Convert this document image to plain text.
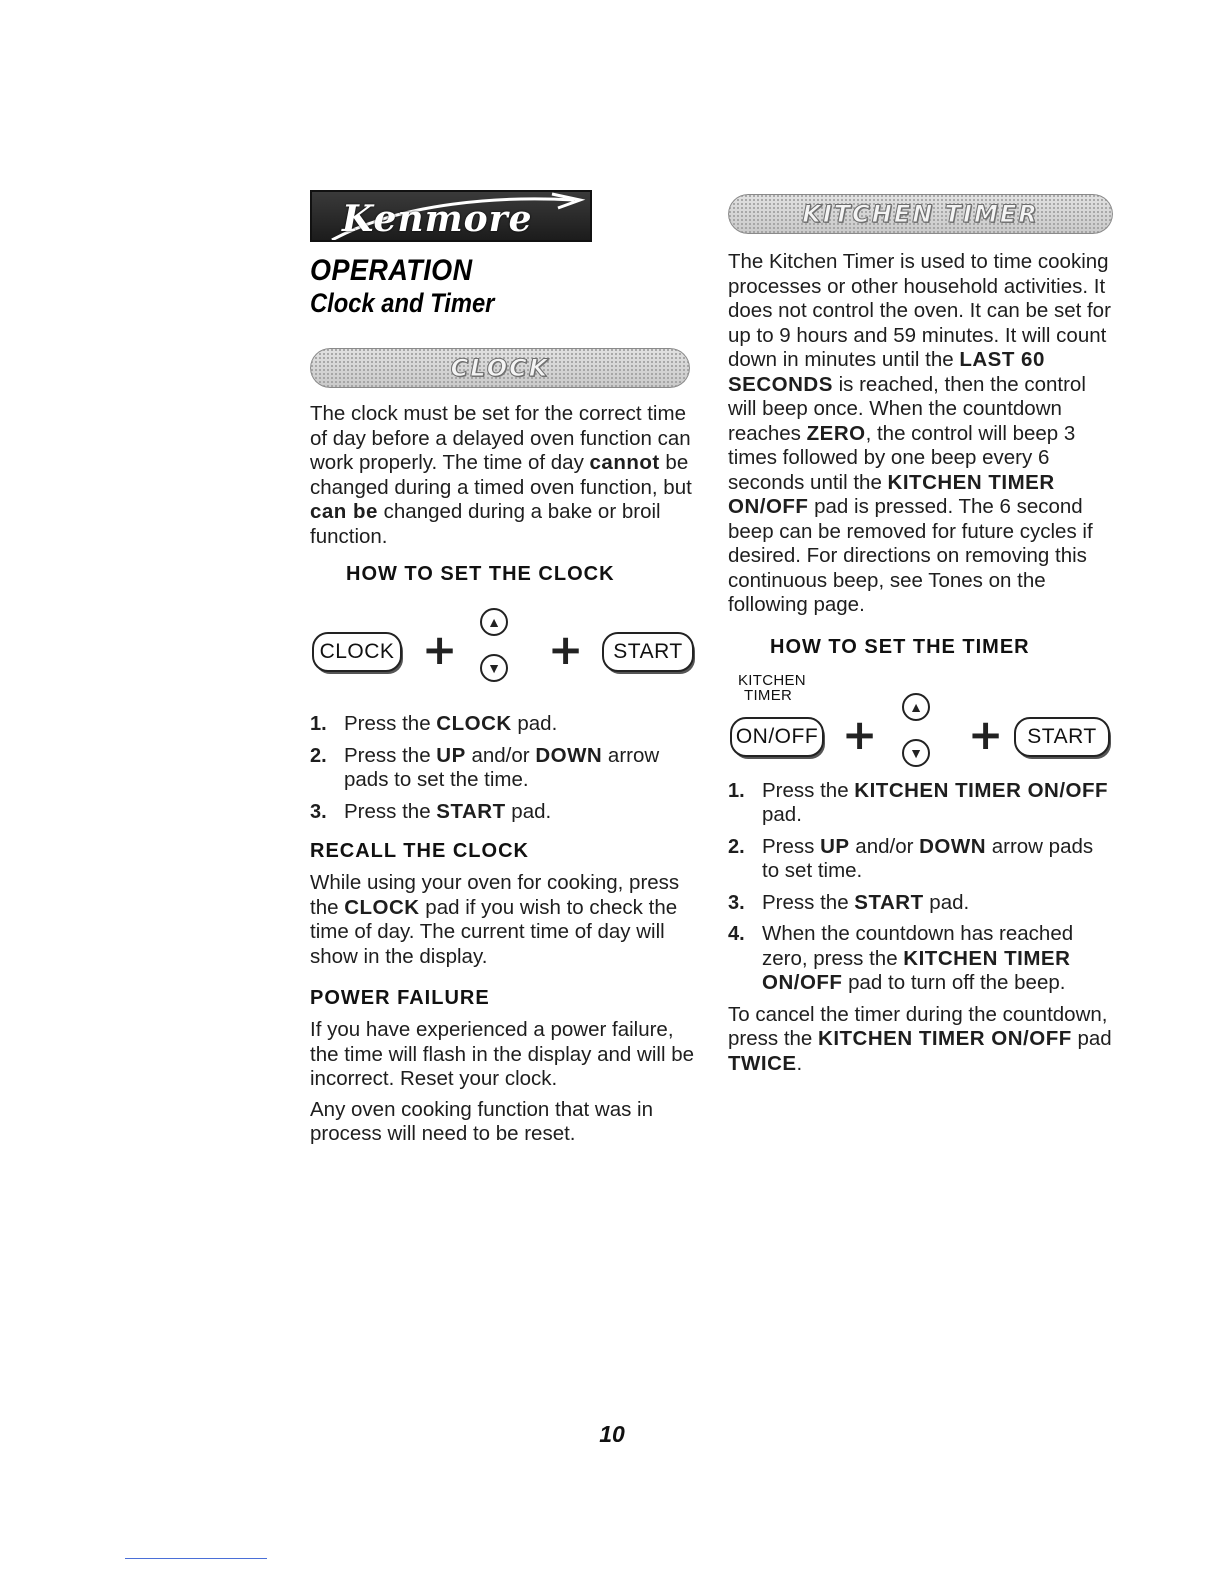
Kenmore
OPERATION
Clock and Timer
CLOCK

The clock must be set for the correct time of day before a delayed oven function can work properly. The time of day cannot be changed during a timed oven function, but can be changed during a bake or broil function.

HOW TO SET THE CLOCK
CLOCK +
▲
▼ +	START
1. Press the CLOCK pad.
2. Press the UP and/or DOWN arrow pads to set the time.
3. Press the START pad.
RECALL THE CLOCK

While using your oven for cooking, press the CLOCK pad if you wish to check the time of day. The current time of day will show in the display.

POWER FAILURE

If you have experienced a power failure, the time will flash in the display and will be incorrect. Reset your clock.

Any oven cooking function that was in process will need to be reset.

KITCHEN TIMER

The Kitchen Timer is used to time cooking processes or other household activities. It does not control the oven. It can be set for up to 9 hours and 59 minutes. It will count down in minutes until the LAST 60 SECONDS is reached, then the control will beep once. When the countdown reaches ZERO, the control will beep 3 times followed by one beep every 6 seconds until the KITCHEN TIMER ON/OFF pad is pressed. The 6 second beep can be removed for future cycles if desired. For directions on removing this continuous beep, see Tones on the following page.

HOW TO SET THE TIMER
KITCHEN
TIMER
ON/OFF +
▲
▼ +	START
1. Press the KITCHEN TIMER ON/OFF pad.
2. Press UP and/or DOWN arrow pads to set time.
3. Press the START pad.
4. When the countdown has reached zero, press the KITCHEN TIMER ON/OFF pad to turn off the beep.

To cancel the timer during the countdown, press the KITCHEN TIMER ON/OFF pad TWICE.

10
